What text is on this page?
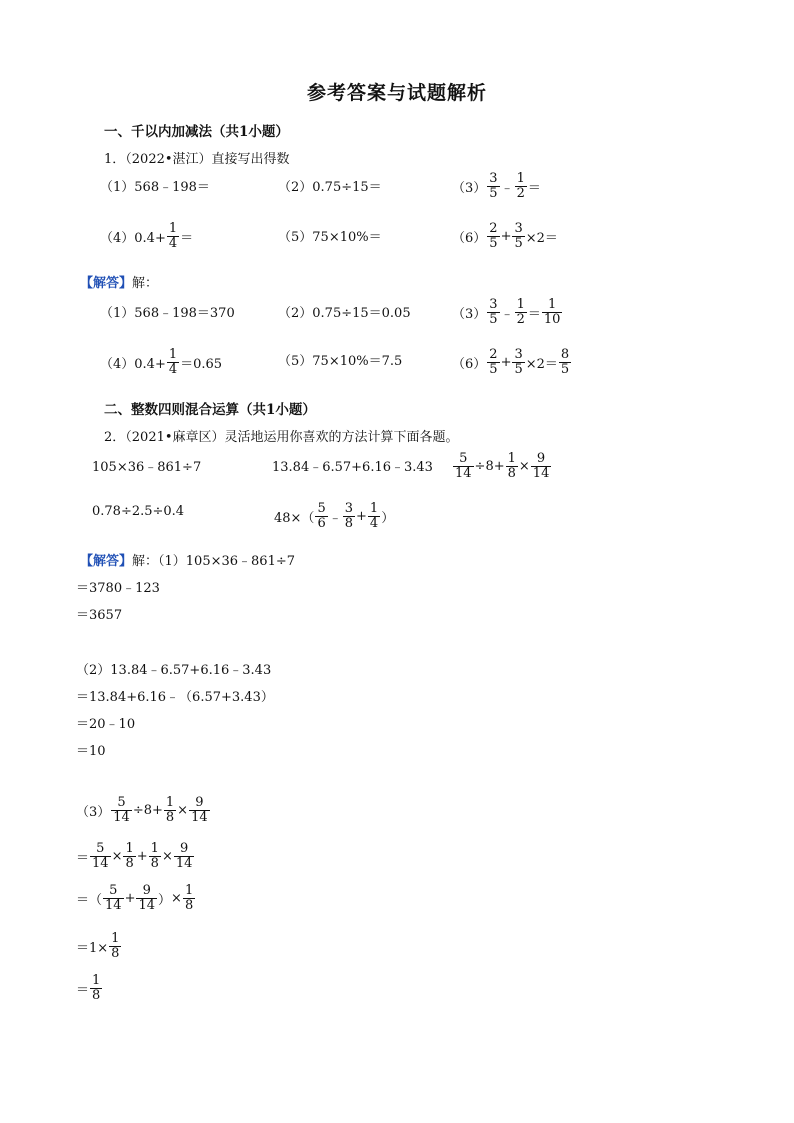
参考答案与试题解析
一、千以内加减法（共1小题）
1．（2022•湛江）直接写出得数
（1）568﹣198＝	（2）0.75÷15＝	$(3) \frac{3}{5}$ ﹣ $\frac{1}{2}$ ＝
$(4)0.4+ \frac{1}{4}$ ＝	（5）75×10%＝	$(6) \frac{2}{5} + \frac{3}{5} \times 2=$
【解答】解：
（1）568﹣198＝370	（2）0.75÷15＝0.05	$(3) \frac{3}{5}$ ﹣ $\frac{1}{2} = \frac{1}{10}$
$(4)0.4+ \frac{1}{4} =0.65$	（5）75×10%＝7.5	$(6) \frac{2}{5} + \frac{3}{5} \times 2= \frac{8}{5}$
二、整数四则混合运算（共1小题）
2．（2021•麻章区）灵活地运用你喜欢的方法计算下面各题。
105×36﹣861÷7	13.84﹣6.57+6.16﹣3.43 $\frac{5}{14} \div 8+ \frac{1}{8} \times \frac{9}{14}$
0.78÷2.5÷0.4	$48\times( \frac{5}{6}$ ﹣ $\frac{3}{8} + \frac{1}{4}$ ）
【解答】解：（1）105×36﹣861÷7
＝3780﹣123
＝3657
（2）13.84﹣6.57+6.16﹣3.43
＝13.84+6.16﹣（6.57+3.43）
＝20﹣10
＝10
$(3) \frac{5}{14} \div 8+ \frac{1}{8} \times \frac{9}{14}$
＝ $\frac{5}{14} \times \frac{1}{8} + \frac{1}{8} \times \frac{9}{14}$
＝ （ $\frac{5}{14} + \frac{9}{14}$ ） × $\frac{1}{8}$
$=1\times \frac{1}{8}$
＝ $\frac{1}{8}$
